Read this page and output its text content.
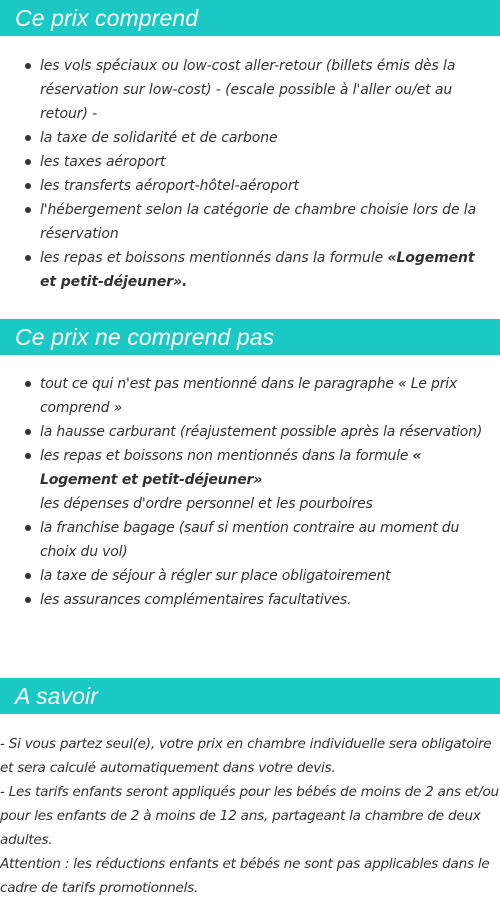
Ce prix comprend
les vols spéciaux ou low-cost aller-retour (billets émis dès la réservation sur low-cost) - (escale possible à l'aller ou/et au retour) -
la taxe de solidarité et de carbone
les taxes aéroport
les transferts aéroport-hôtel-aéroport
l'hébergement selon la catégorie de chambre choisie lors de la réservation
les repas et boissons mentionnés dans la formule «Logement et petit-déjeuner».
Ce prix ne comprend pas
tout ce qui n'est pas mentionné dans le paragraphe « Le prix comprend »
la hausse carburant (réajustement possible après la réservation)
les repas et boissons non mentionnés dans la formule « Logement et petit-déjeuner»
les dépenses d'ordre personnel et les pourboires
la franchise bagage (sauf si mention contraire au moment du choix du vol)
la taxe de séjour à régler sur place obligatoirement
les assurances complémentaires facultatives.
A savoir

- Si vous partez seul(e), votre prix en chambre individuelle sera obligatoire et sera calculé automatiquement dans votre devis.

- Les tarifs enfants seront appliqués pour les bébés de moins de 2 ans et/ou pour les enfants de 2 à moins de 12 ans, partageant la chambre de deux adultes.

Attention : les réductions enfants et bébés ne sont pas applicables dans le cadre de tarifs promotionnels.
